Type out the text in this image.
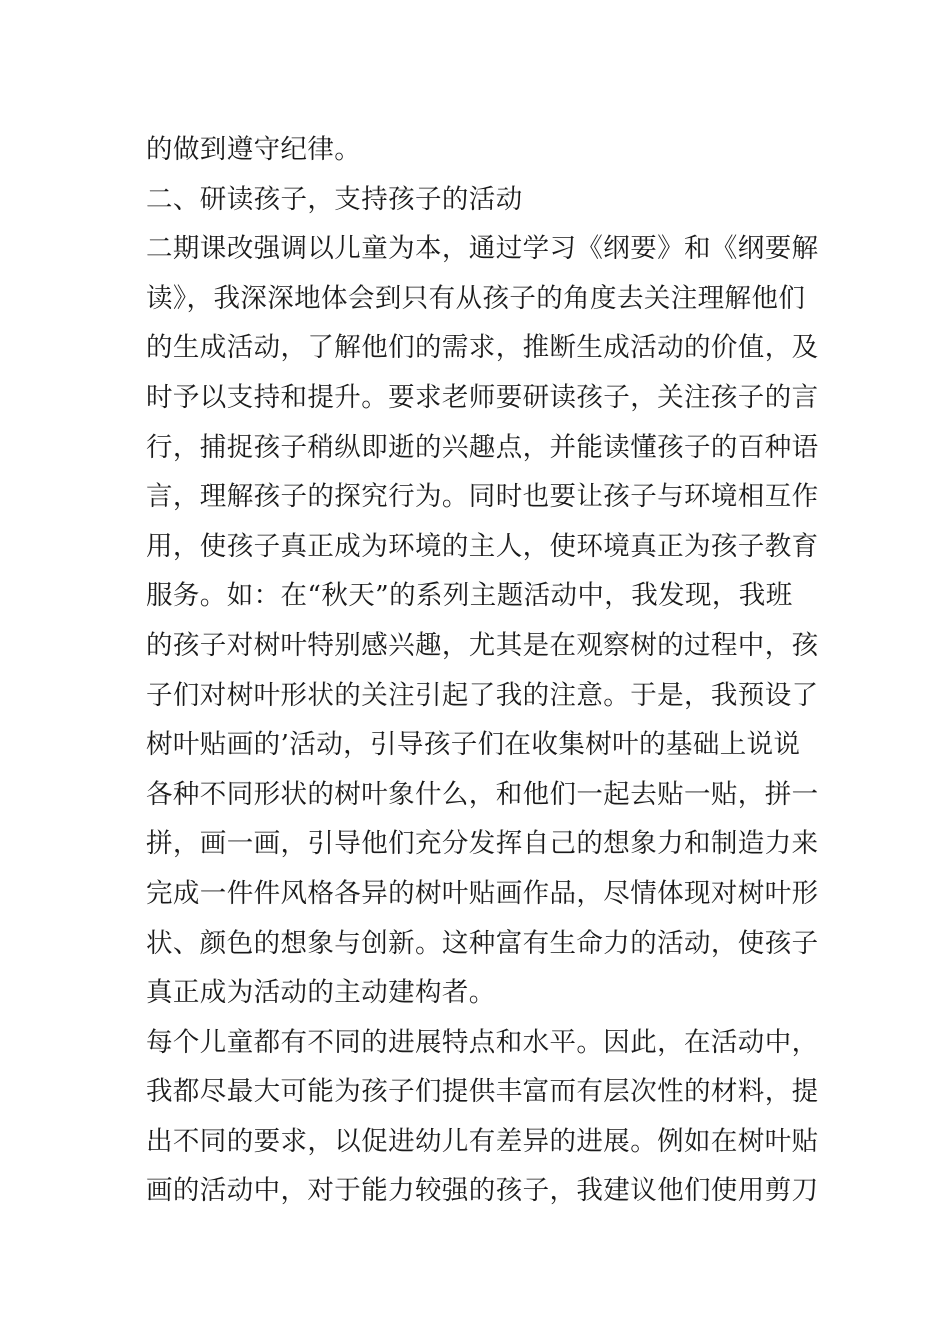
的做到遵守纪律。
二、研读孩子，支持孩子的活动
二期课改强调以儿童为本，通过学习《纲要》和《纲要解
读》，我深深地体会到只有从孩子的角度去关注理解他们
的生成活动，了解他们的需求，推断生成活动的价值，及
时予以支持和提升。要求老师要研读孩子，关注孩子的言
行，捕捉孩子稍纵即逝的兴趣点，并能读懂孩子的百种语
言，理解孩子的探究行为。同时也要让孩子与环境相互作
用，使孩子真正成为环境的主人，使环境真正为孩子教育
服务。如：在“秋天”的系列主题活动中，我发现，我班
的孩子对树叶特别感兴趣，尤其是在观察树的过程中，孩
子们对树叶形状的关注引起了我的注意。于是，我预设了
树叶贴画的’活动，引导孩子们在收集树叶的基础上说说
各种不同形状的树叶象什么，和他们一起去贴一贴，拼一
拼，画一画，引导他们充分发挥自己的想象力和制造力来
完成一件件风格各异的树叶贴画作品，尽情体现对树叶形
状、颜色的想象与创新。这种富有生命力的活动，使孩子
真正成为活动的主动建构者。
每个儿童都有不同的进展特点和水平。因此，在活动中，
我都尽最大可能为孩子们提供丰富而有层次性的材料，提
出不同的要求，以促进幼儿有差异的进展。例如在树叶贴
画的活动中，对于能力较强的孩子，我建议他们使用剪刀
